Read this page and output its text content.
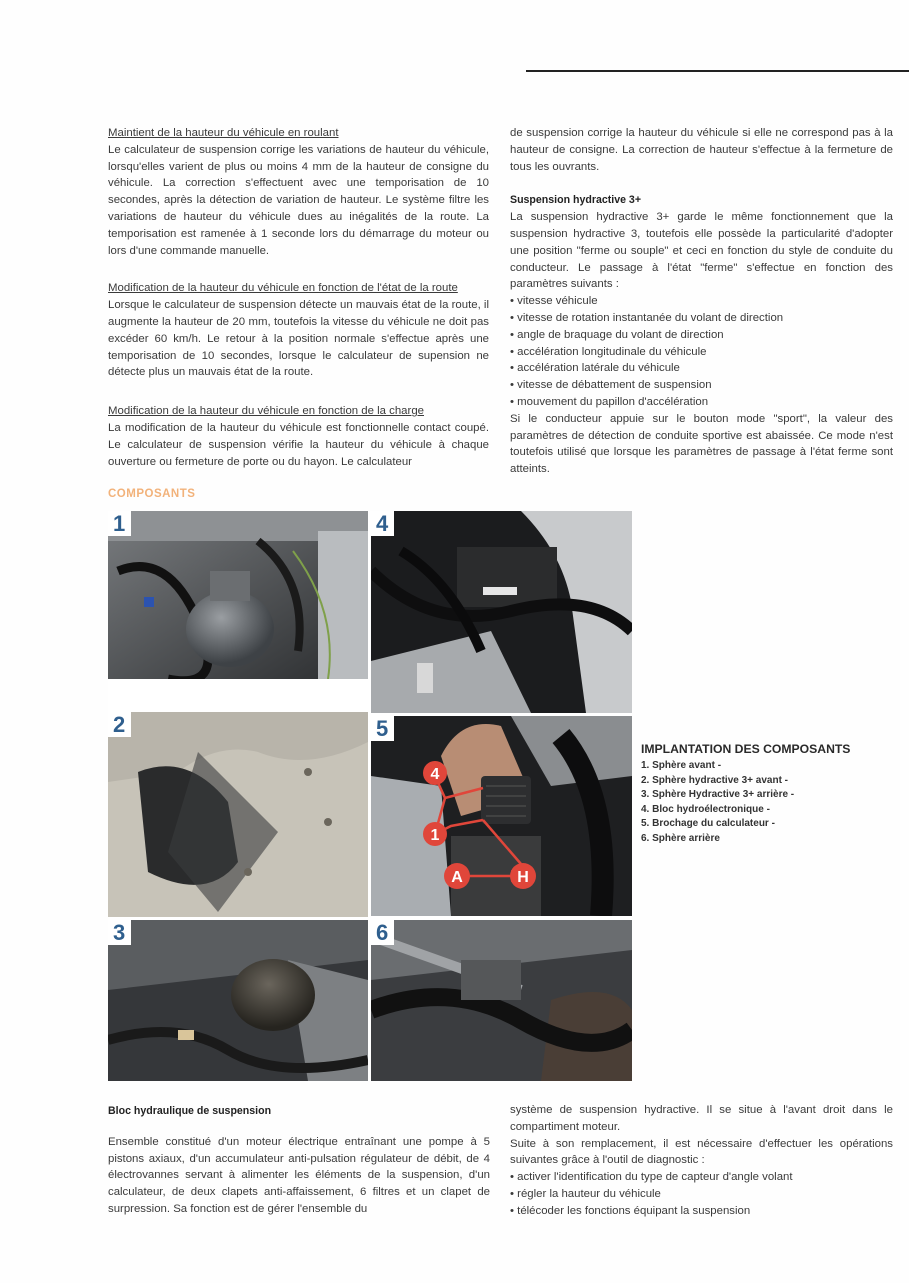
Maintient de la hauteur du véhicule en roulant

Le calculateur de suspension corrige les variations de hauteur du véhicule, lorsqu'elles varient de plus ou moins 4 mm de la hauteur de consigne du véhicule. La correction s'effectuent avec une temporisation de 10 secondes, après la détection de variation de hauteur. Le système filtre les variations de hauteur du véhicule dues au inégalités de la route. La temporisation est ramenée à 1 seconde lors du démarrage du moteur ou lors d'une commande manuelle.

Modification de la hauteur du véhicule en fonction de l'état de la route

Lorsque le calculateur de suspension détecte un mauvais état de la route, il augmente la hauteur de 20 mm, toutefois la vitesse du véhicule ne doit pas excéder 60 km/h. Le retour à la position normale s'effectue après une temporisation de 10 secondes, lorsque le calculateur de supension ne détecte plus un mauvais état de la route.

Modification de la hauteur du véhicule en fonction de la charge

La modification de la hauteur du véhicule est fonctionnelle contact coupé. Le calculateur de suspension vérifie la hauteur du véhicule à chaque ouverture ou fermeture de porte ou du hayon. Le calculateur

de suspension corrige la hauteur du véhicule si elle ne correspond pas à la hauteur de consigne. La correction de hauteur s'effectue à la fermeture de tous les ouvrants.

Suspension hydractive 3+

La suspension hydractive 3+ garde le même fonctionnement que la suspension hydractive 3, toutefois elle possède la particularité d'adopter une position "ferme ou souple" et ceci en fonction du style de conduite du conducteur. Le passage à l'état "ferme" s'effectue en fonction des paramètres suivants :

• vitesse véhicule
• vitesse de rotation instantanée du volant de direction
• angle de braquage du volant de direction
• accélération longitudinale du véhicule
• accélération latérale du véhicule
• vitesse de débattement de suspension
• mouvement du papillon d'accélération

Si le conducteur appuie sur le bouton mode "sport", la valeur des paramètres de détection de conduite sportive est abaissée. Ce mode n'est toutefois utilisé que lorsque les paramètres de passage à l'état ferme sont atteints.

COMPOSANTS
1	4
2
4
1
A	H
5
3	6
IMPLANTATION DES COMPOSANTS
1. Sphère avant -
2. Sphère hydractive 3+ avant -
3. Sphère Hydractive 3+ arrière -
4. Bloc hydroélectronique -
5. Brochage du calculateur -
6. Sphère arrière

Bloc hydraulique de suspension

Ensemble constitué d'un moteur électrique entraînant une pompe à 5 pistons axiaux, d'un accumulateur anti-pulsation régulateur de débit, de 4 électrovannes servant à alimenter les éléments de la suspension, d'un calculateur, de deux clapets anti-affaissement, 6 filtres et un clapet de surpression. Sa fonction est de gérer l'ensemble du

système de suspension hydractive. Il se situe à l'avant droit dans le compartiment moteur.

Suite à son remplacement, il est nécessaire d'effectuer les opérations suivantes grâce à l'outil de diagnostic :

• activer l'identification du type de capteur d'angle volant
• régler la hauteur du véhicule
• télécoder les fonctions équipant la suspension
